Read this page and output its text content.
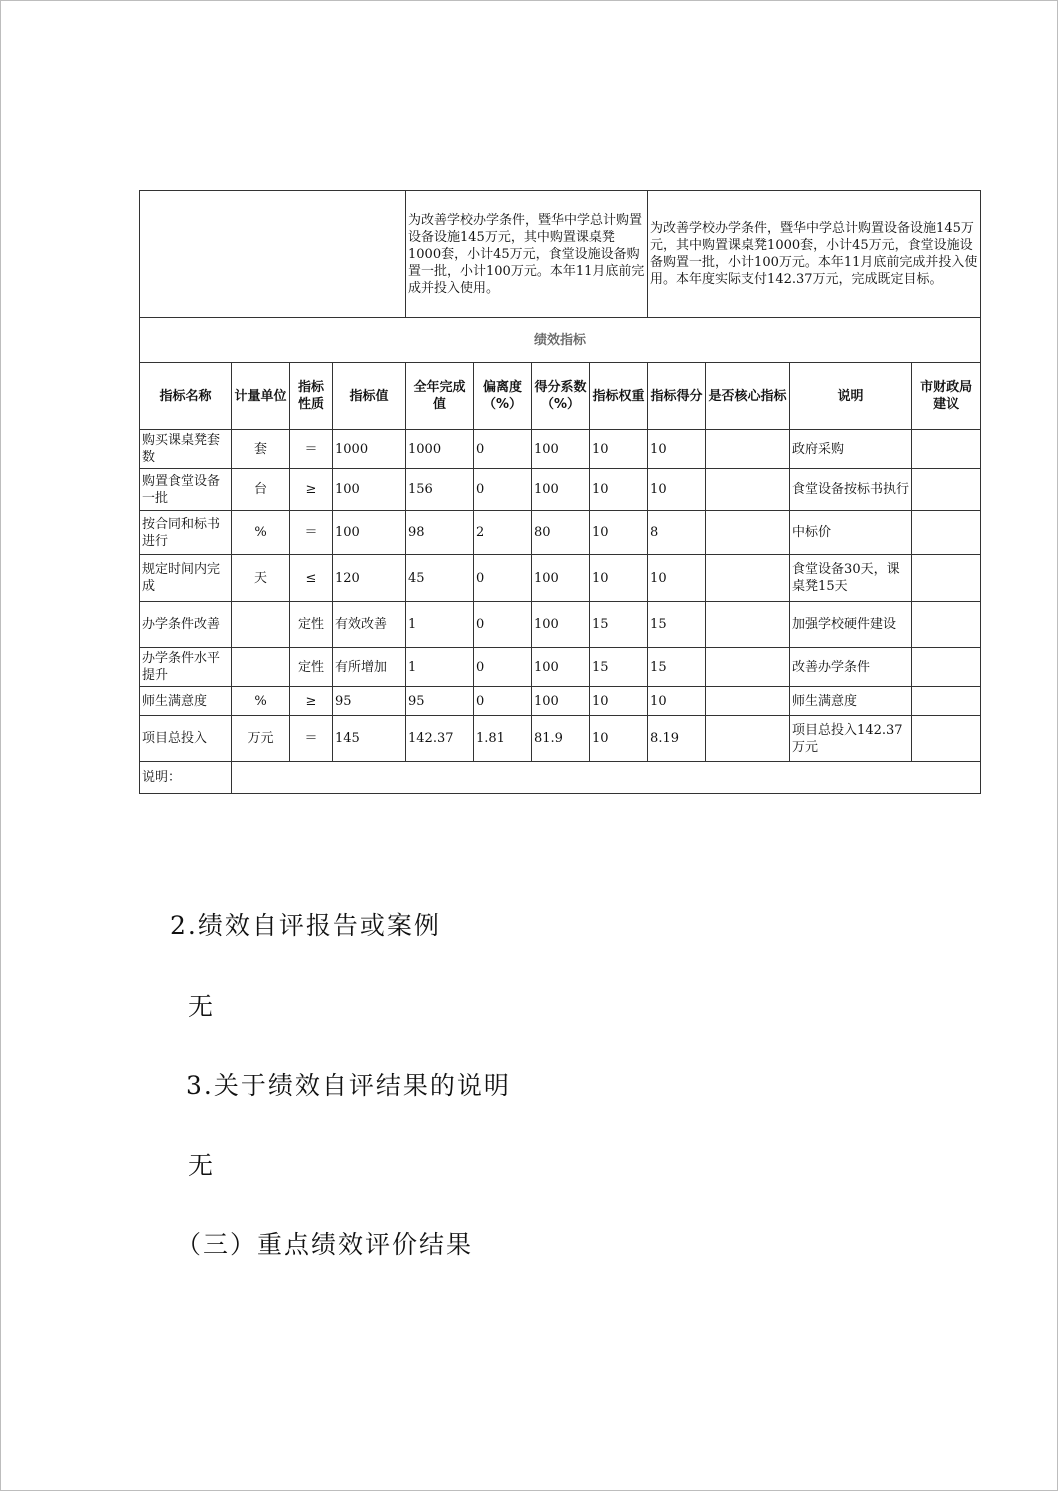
				为改善学校办学条件，暨华中学总计购置设备设施145万元，其中购置课桌凳1000套，小计45万元，食堂设施设备购置一批，小计100万元。本年11月底前完成并投入使用。				为改善学校办学条件，暨华中学总计购置设备设施145万元，其中购置课桌凳1000套，小计45万元，食堂设施设备购置一批，小计100万元。本年11月底前完成并投入使用。本年度实际支付142.37万元，完成既定目标。			
绩效指标											
指标名称	计量单位	指标性质	指标值	全年完成值	偏离度（%）	得分系数（%）	指标权重	指标得分	是否核心指标	说明	市财政局建议
购买课桌凳套数	套	＝	1000	1000	0	100	10	10		政府采购	
购置食堂设备一批	台	≥	100	156	0	100	10	10		食堂设备按标书执行	
按合同和标书进行	%	＝	100	98	2	80	10	8		中标价	
规定时间内完成	天	≤	120	45	0	100	10	10		食堂设备30天，课桌凳15天	
办学条件改善		定性	有效改善	1	0	100	15	15		加强学校硬件建设	
办学条件水平提升		定性	有所增加	1	0	100	15	15		改善办学条件	
师生满意度	%	≥	95	95	0	100	10	10		师生满意度	
项目总投入	万元	＝	145	142.37	1.81	81.9	10	8.19		项目总投入142.37万元	
说明：											
2.绩效自评报告或案例
无
3.关于绩效自评结果的说明
无
（三）重点绩效评价结果
